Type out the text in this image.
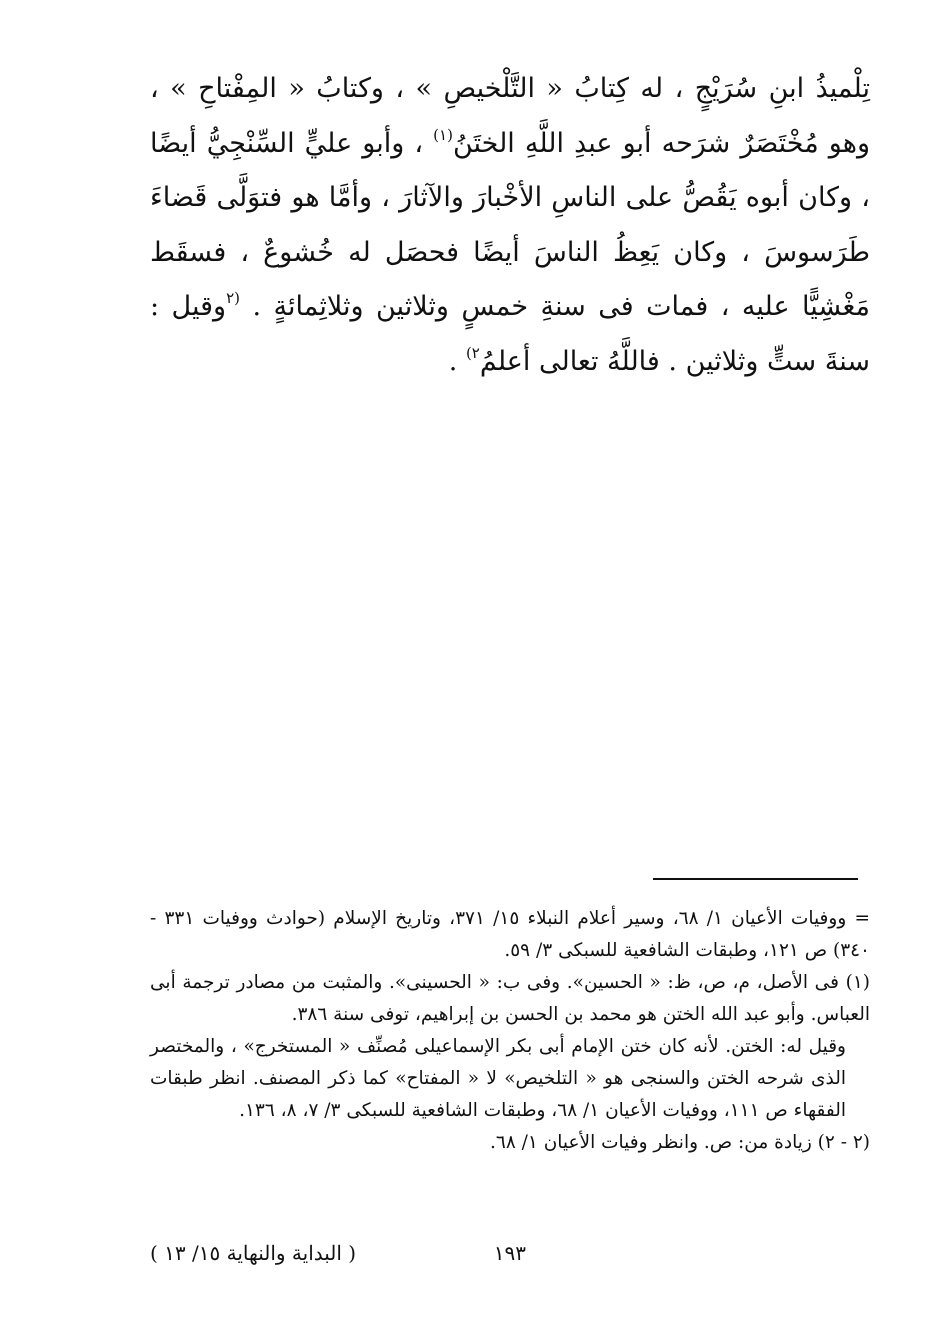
تِلْميذُ ابنِ سُرَيْجٍ ، له كِتابُ « التَّلْخيصِ » ، وكتابُ « المِفْتاحِ » ، وهو مُخْتَصَرٌ شرَحه أبو عبدِ اللَّهِ الختَنُ$^{(١)}$ ، وأبو عليٍّ السِّنْجِيُّ أيضًا ، وكان أبوه يَقُصُّ على الناسِ الأخْبارَ والآثارَ ، وأمَّا هو فتوَلَّى قَضاءَ طَرَسوسَ ، وكان يَعِظُ الناسَ أيضًا فحصَل له خُشوعٌ ، فسقَط مَغْشِيًّا عليه ، فمات فى سنةِ خمسٍ وثلاثين وثلاثِمائةٍ . $^{(٢}$وقيل : سنةَ ستٍّ وثلاثين . فاللَّهُ تعالى أعلمُ$^{٢)}$ .

= ووفيات الأعيان ١/ ٦٨، وسير أعلام النبلاء ١٥/ ٣٧١، وتاريخ الإسلام (حوادث ووفيات ٣٣١ - ٣٤٠) ص ١٢١، وطبقات الشافعية للسبكى ٣/ ٥٩.

(١) فى الأصل، م، ص، ظ: « الحسين». وفى ب: « الحسينى». والمثبت من مصادر ترجمة أبى العباس. وأبو عبد الله الختن هو محمد بن الحسن بن إبراهيم، توفى سنة ٣٨٦.

وقيل له: الختن. لأنه كان ختن الإمام أبى بكر الإسماعيلى مُصنِّف « المستخرج» ، والمختصر الذى شرحه الختن والسنجى هو « التلخيص» لا « المفتاح» كما ذكر المصنف. انظر طبقات الفقهاء ص ١١١، ووفيات الأعيان ١/ ٦٨، وطبقات الشافعية للسبكى ٣/ ٧، ٨، ١٣٦.

(٢ - ٢) زيادة من: ص. وانظر وفيات الأعيان ١/ ٦٨.

١٩٣
( البداية والنهاية ١٥/ ١٣ )
